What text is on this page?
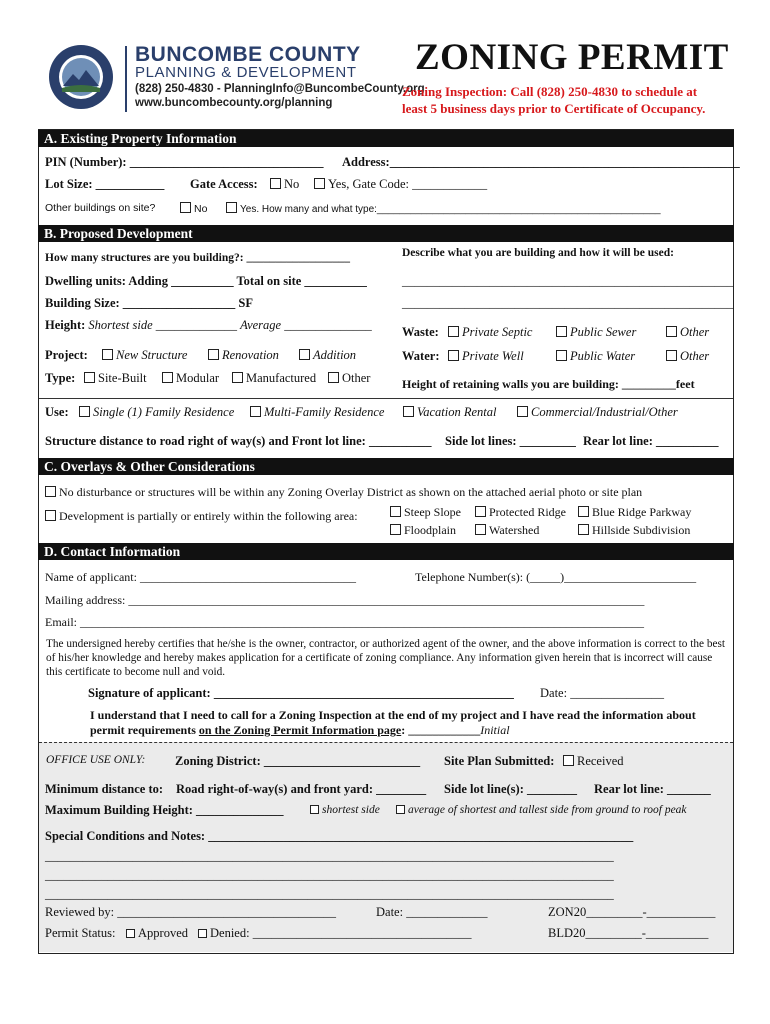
BUNCOMBE COUNTY
PLANNING & DEVELOPMENT
(828) 250-4830 - PlanningInfo@BuncombeCounty.org
www.buncombecounty.org/planning
ZONING PERMIT
Zoning Inspection: Call (828) 250-4830 to schedule at
least 5 business days prior to Certificate of Occupancy.
A. Existing Property Information
PIN (Number): _______________________________ Address:________________________________________________________
Lot Size: ___________ Gate Access:	No	Yes, Gate Code: ____________
Other buildings on site?	No	Yes. How many and what type:___________________________________________________
B. Proposed Development
How many structures are you building?: __________________	Describe what you are building and how it will be used:
Dwelling units: Adding __________ Total on site __________	_____________________________________________________
Building Size: __________________ SF	_____________________________________________________
Height: Shortest side _____________ Average ______________ Waste:	Private Septic	Public Sewer	Other
Project:	New Structure	Renovation	Addition	Water:	Private Well	Public Water	Other
Type:	Site-Built	Modular	Manufactured	Other	Height of retaining walls you are building: _________feet
Use:	Single (1) Family Residence	Multi-Family Residence	Vacation Rental	Commercial/Industrial/Other
Structure distance to road right of way(s) and Front lot line: __________ Side lot lines: _________ Rear lot line: __________
C. Overlays & Other Considerations
No disturbance or structures will be within any Zoning Overlay District as shown on the attached aerial photo or site plan
Development is partially or entirely within the following area:	Steep Slope	Protected Ridge	Blue Ridge Parkway
Floodplain	Watershed	Hillside Subdivision
D. Contact Information
Name of applicant: ____________________________________	Telephone Number(s): (_____)______________________
Mailing address: ______________________________________________________________________________________
Email: ______________________________________________________________________________________________
The undersigned hereby certifies that he/she is the owner, contractor, or authorized agent of the owner, and the above information is correct to the best of his/her knowledge and hereby makes application for a certificate of zoning compliance. Any information given herein that is incorrect will cause this certificate to become null and void.
Signature of applicant: ________________________________________________ Date: _______________
I understand that I need to call for a Zoning Inspection at the end of my project and I have read the information about
permit requirements on the Zoning Permit Information page: ____________Initial
OFFICE USE ONLY: Zoning District: _________________________ Site Plan Submitted:	Received
Minimum distance to: Road right-of-way(s) and front yard: ________ Side lot line(s): ________ Rear lot line: _______
Maximum Building Height: ______________	shortest side	average of shortest and tallest side from ground to roof peak
Special Conditions and Notes: ____________________________________________________________________
___________________________________________________________________________________________
___________________________________________________________________________________________
___________________________________________________________________________________________
Reviewed by: ___________________________________	Date: _____________	ZON20_________-___________
Permit Status:	Approved	Denied: ___________________________________	BLD20_________-__________
